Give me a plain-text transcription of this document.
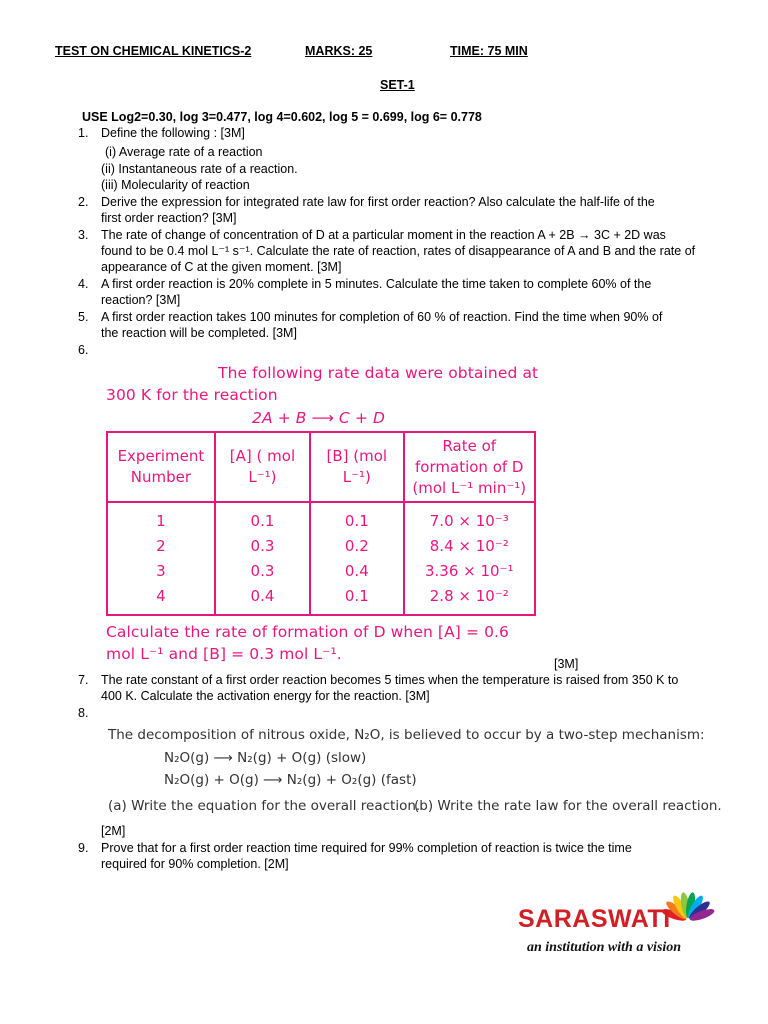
TEST ON CHEMICAL KINETICS-2	MARKS: 25	TIME: 75 MIN
SET-1
USE Log2=0.30, log 3=0.477, log 4=0.602, log 5 = 0.699, log 6= 0.778
1. Define the following : [3M]
(i) Average rate of a reaction
(ii) Instantaneous rate of a reaction.
(iii) Molecularity of reaction
2. Derive the expression for integrated rate law for first order reaction? Also calculate the half-life of the
first order reaction? [3M]
3. The rate of change of concentration of D at a particular moment in the reaction A + 2B → 3C + 2D was
found to be 0.4 mol L⁻¹ s⁻¹. Calculate the rate of reaction, rates of disappearance of A and B and the rate of
appearance of C at the given moment. [3M]
4. A first order reaction is 20% complete in 5 minutes. Calculate the time taken to complete 60% of the
reaction? [3M]
5. A first order reaction takes 100 minutes for completion of 60 % of reaction. Find the time when 90% of
the reaction will be completed. [3M]
6.
The following rate data were obtained at
300 K for the reaction
2A + B ⟶ C + D
Experiment Number	[A] ( mol L⁻¹)	[B] (mol L⁻¹)	Rate of formation of D (mol L⁻¹ min⁻¹)
1	0.1	0.1	7.0 × 10⁻³
2	0.3	0.2	8.4 × 10⁻²
3	0.3	0.4	3.36 × 10⁻¹
4	0.4	0.1	2.8 × 10⁻²
Calculate the rate of formation of D when [A] = 0.6
mol L⁻¹ and [B] = 0.3 mol L⁻¹.
[3M]
7. The rate constant of a first order reaction becomes 5 times when the temperature is raised from 350 K to
400 K. Calculate the activation energy for the reaction. [3M]
8.
The decomposition of nitrous oxide, N₂O, is believed to occur by a two-step mechanism:
N₂O(g) ⟶ N₂(g) + O(g) (slow)
N₂O(g) + O(g) ⟶ N₂(g) + O₂(g) (fast)
(a) Write the equation for the overall reaction.
(b) Write the rate law for the overall reaction.
[2M]
9. Prove that for a first order reaction time required for 99% completion of reaction is twice the time
required for 90% completion. [2M]
SARASWATI
an institution with a vision
